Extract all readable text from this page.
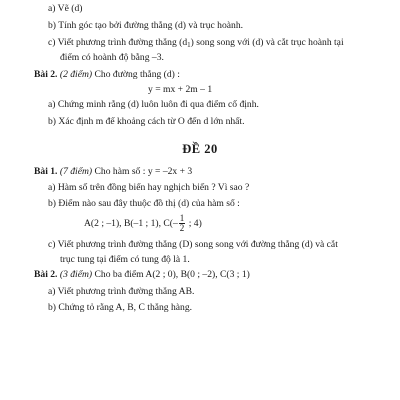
a) Vẽ (d)
b) Tính góc tạo bởi đường thẳng (d) và trục hoành.
c) Viết phương trình đường thẳng $(d_1)$ song song với (d) và cắt trục hoành tại
điểm có hoành độ bằng –3.
Bài 2. (2 điểm) Cho đường thẳng (d) :
y = mx + 2m – 1
a) Chứng minh rằng (d) luôn luôn đi qua điểm cố định.
b) Xác định m để khoảng cách từ O đến d lớn nhất.
ĐỀ 20
Bài 1. (7 điểm) Cho hàm số : y = –2x + 3
a) Hàm số trên đồng biến hay nghịch biến ? Vì sao ?
b) Điểm nào sau đây thuộc đồ thị (d) của hàm số :
A(2 ; –1), B(–1 ; 1), $C(- \frac{1}{2}$ ; 4)
c) Viết phương trình đường thẳng (D) song song với đường thẳng (d) và cắt
trục tung tại điểm có tung độ là 1.
Bài 2. (3 điểm) Cho ba điểm A(2 ; 0), B(0 ; –2), C(3 ; 1)
a) Viết phương trình đường thẳng AB.
b) Chứng tỏ rằng A, B, C thẳng hàng.
